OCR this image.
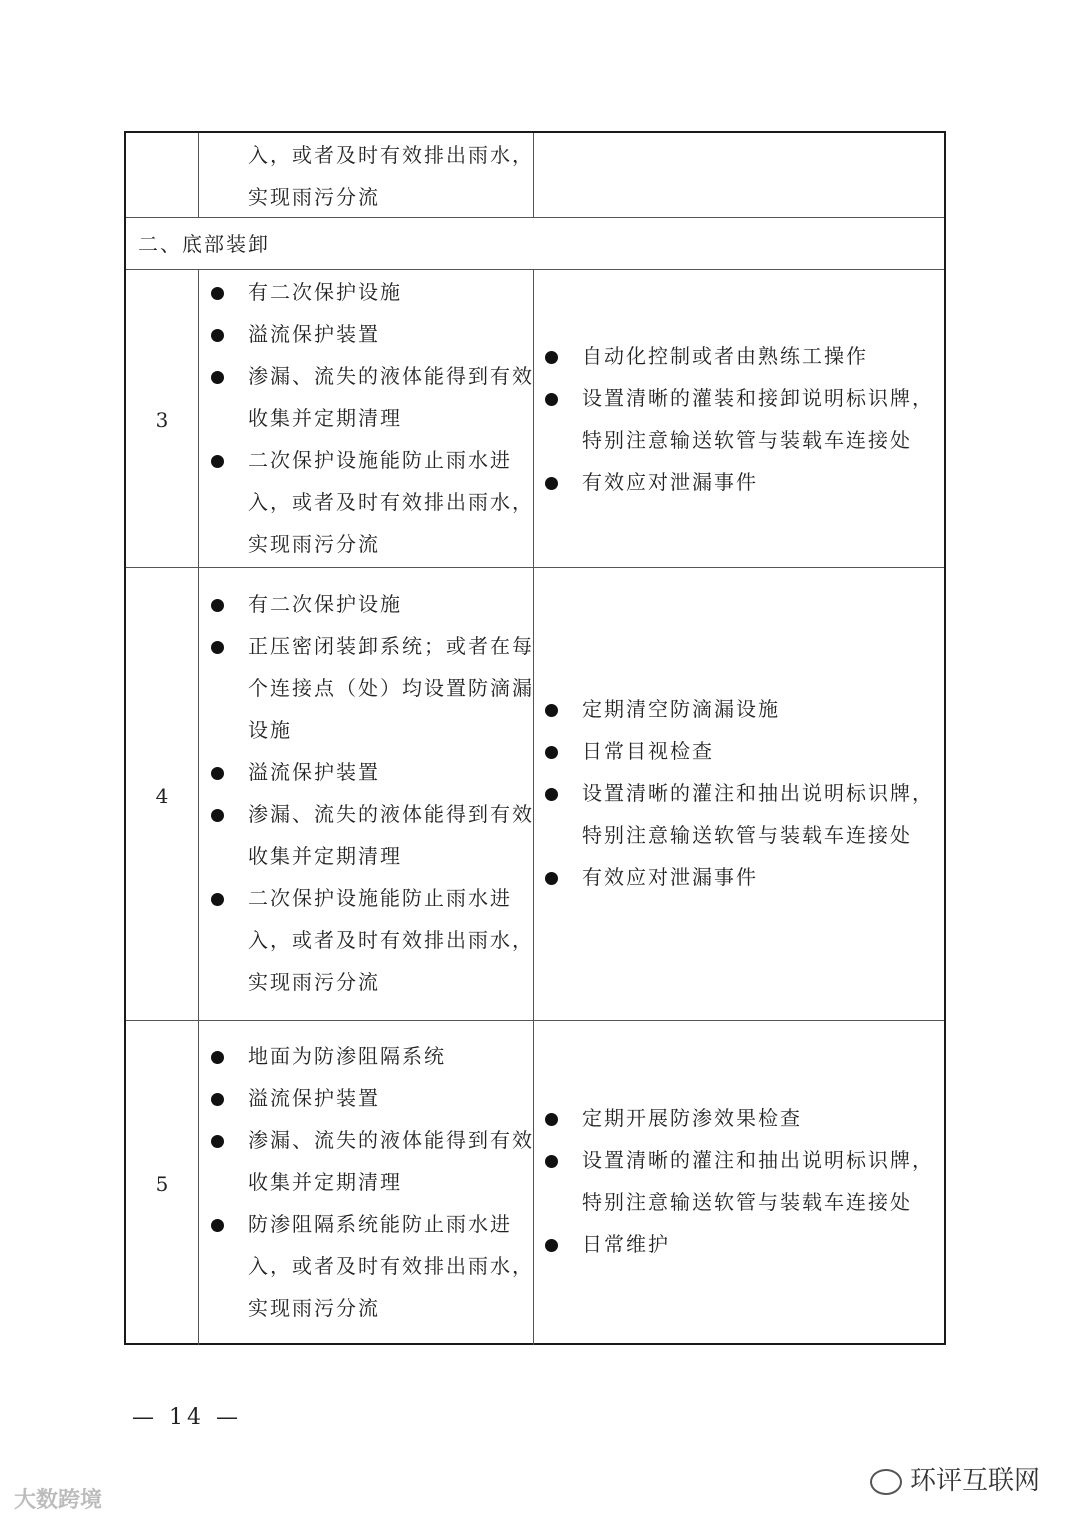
入，或者及时有效排出雨水，
实现雨污分流
二、底部装卸
3
有二次保护设施
溢流保护装置
渗漏、流失的液体能得到有效
收集并定期清理
二次保护设施能防止雨水进
入，或者及时有效排出雨水，
实现雨污分流
自动化控制或者由熟练工操作
设置清晰的灌装和接卸说明标识牌，
特别注意输送软管与装载车连接处
有效应对泄漏事件
4
有二次保护设施
正压密闭装卸系统；或者在每
个连接点（处）均设置防滴漏
设施
溢流保护装置
渗漏、流失的液体能得到有效
收集并定期清理
二次保护设施能防止雨水进
入，或者及时有效排出雨水，
实现雨污分流
定期清空防滴漏设施
日常目视检查
设置清晰的灌注和抽出说明标识牌，
特别注意输送软管与装载车连接处
有效应对泄漏事件
5
地面为防渗阻隔系统
溢流保护装置
渗漏、流失的液体能得到有效
收集并定期清理
防渗阻隔系统能防止雨水进
入，或者及时有效排出雨水，
实现雨污分流
定期开展防渗效果检查
设置清晰的灌注和抽出说明标识牌，
特别注意输送软管与装载车连接处
日常维护
— 14 —
大数跨境
环评互联网
